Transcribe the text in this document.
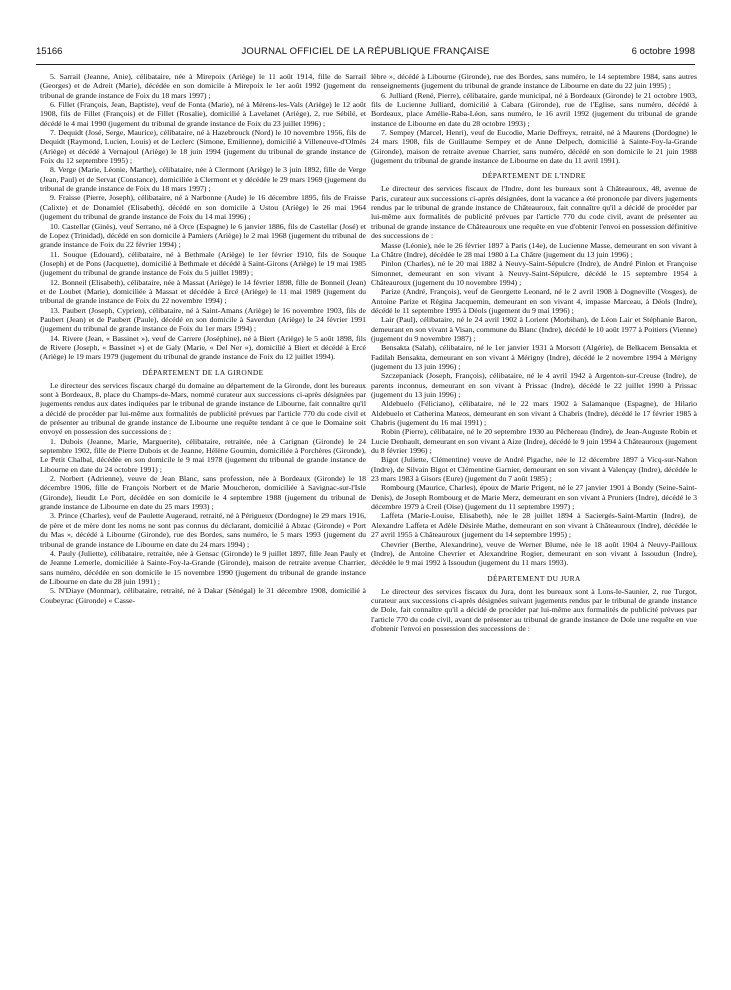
15166	JOURNAL OFFICIEL DE LA RÉPUBLIQUE FRANÇAISE	6 octobre 1998

5. Sarrail (Jeanne, Anie), célibataire, née à Mirepoix (Ariège) le 11 août 1914, fille de Sarrail (Georges) et de Adreit (Marie), décédée en son domicile à Mirepoix le 1er août 1992 (jugement du tribunal de grande instance de Foix du 18 mars 1997) ;

6. Fillet (François, Jean, Baptiste), veuf de Fonta (Marie), né à Mérens-les-Vals (Ariège) le 12 août 1908, fils de Fillet (François) et de Fillet (Rosalie), domicilié à Lavelanet (Ariège), 2, rue Sébilé, et décédé le 4 mai 1990 (jugement du tribunal de grande instance de Foix du 23 juillet 1996) ;

7. Dequidt (José, Serge, Maurice), célibataire, né à Hazebrouck (Nord) le 10 novembre 1956, fils de Dequidt (Raymond, Lucien, Louis) et de Leclerc (Simone, Emilienne), domicilié à Villeneuve-d'Olmès (Ariège) et décédé à Vernajoul (Ariège) le 18 juin 1994 (jugement du tribunal de grande instance de Foix du 12 septembre 1995) ;

8. Verge (Marie, Léonie, Marthe), célibataire, née à Clermont (Ariège) le 3 juin 1892, fille de Verge (Jean, Paul) et de Servat (Constance), domiciliée à Clermont et y décédée le 29 mars 1969 (jugement du tribunal de grande instance de Foix du 18 mars 1997) ;

9. Fraisse (Pierre, Joseph), célibataire, né à Narbonne (Aude) le 16 décembre 1895, fils de Fraisse (Calixte) et de Donamiel (Elisabeth), décédé en son domicile à Ustou (Ariège) le 26 mai 1964 (jugement du tribunal de grande instance de Foix du 14 mai 1996) ;

10. Castellar (Ginès), veuf Serrano, né à Orce (Espagne) le 6 janvier 1886, fils de Castellar (José) et de Lopez (Trinidad), décédé en son domicile à Pamiers (Ariège) le 2 mai 1968 (jugement du tribunal de grande instance de Foix du 22 février 1994) ;

11. Souque (Edouard), célibataire, né à Bethmale (Ariège) le 1er février 1910, fils de Souque (Joseph) et de Pons (Jacquette), domicilié à Bethmale et décédé à Saint-Girons (Ariège) le 19 mai 1985 (jugement du tribunal de grande instance de Foix du 5 juillet 1989) ;

12. Bonneil (Elisabeth), célibataire, née à Massat (Ariège) le 14 février 1898, fille de Bonneil (Jean) et de Loubet (Marie), domiciliée à Massat et décédée à Ercé (Ariège) le 11 mai 1989 (jugement du tribunal de grande instance de Foix du 22 novembre 1994) ;

13. Paubert (Joseph, Cyprien), célibataire, né à Saint-Amans (Ariège) le 16 novembre 1903, fils de Paubert (Jean) et de Paubert (Paule), décédé en son domicile à Saverdun (Ariège) le 24 février 1991 (jugement du tribunal de grande instance de Foix du 1er mars 1994) ;

14. Rivere (Jean, « Bassinet »), veuf de Carrere (Joséphine), né à Biert (Ariège) le 5 août 1898, fils de Rivere (Joseph, « Bassinet ») et de Galy (Marie, « Del Ner »), domicilié à Biert et décédé à Ercé (Ariège) le 19 mars 1979 (jugement du tribunal de grande instance de Foix du 12 juillet 1994).

DÉPARTEMENT DE LA GIRONDE

Le directeur des services fiscaux chargé du domaine au département de la Gironde, dont les bureaux sont à Bordeaux, 8, place du Champs-de-Mars, nommé curateur aux successions ci-après désignées par jugements rendus aux dates indiquées par le tribunal de grande instance de Libourne, fait connaître qu'il a décidé de procéder par lui-même aux formalités de publicité prévues par l'article 770 du code civil et de présenter au tribunal de grande instance de Libourne une requête tendant à ce que le Domaine soit envoyé en possession des successions de :

1. Dubois (Jeanne, Marie, Marguerite), célibataire, retraitée, née à Carignan (Gironde) le 24 septembre 1902, fille de Pierre Dubois et de Jeanne, Hélène Goumin, domiciliée à Porchères (Gironde), Le Petit Chalbal, décédée en son domicile le 9 mai 1978 (jugement du tribunal de grande instance de Libourne en date du 24 octobre 1991) ;

2. Norbert (Adrienne), veuve de Jean Blanc, sans profession, née à Bordeaux (Gironde) le 18 décembre 1906, fille de François Norbert et de Marie Moucheron, domiciliée à Savignac-sur-l'Isle (Gironde), lieudit Le Port, décédée en son domicile le 4 septembre 1988 (jugement du tribunal de grande instance de Libourne en date du 25 mars 1993) ;

3. Prince (Charles), veuf de Paulette Augeraud, retraité, né à Périgueux (Dordogne) le 29 mars 1916, de père et de mère dont les noms ne sont pas connus du déclarant, domicilié à Abzac (Gironde) « Port du Mas », décédé à Libourne (Gironde), rue des Bordes, sans numéro, le 5 mars 1993 (jugement du tribunal de grande instance de Libourne en date du 24 mars 1994) ;

4. Pauly (Juliette), célibataire, retraitée, née à Gensac (Gironde) le 9 juillet 1897, fille Jean Pauly et de Jeanne Lemerle, domiciliée à Sainte-Foy-la-Grande (Gironde), maison de retraite avenue Charrier, sans numéro, décédée en son domicile le 15 novembre 1990 (jugement du tribunal de grande instance de Libourne en date du 28 juin 1991) ;

5. N'Diaye (Monmar), célibataire, retraité, né à Dakar (Sénégal) le 31 décembre 1908, domicilié à Coubeyrac (Gironde) « Casse-

lèbre », décédé à Libourne (Gironde), rue des Bordes, sans numéro, le 14 septembre 1984, sans autres renseignements (jugement du tribunal de grande instance de Libourne en date du 22 juin 1995) ;

6. Julliard (René, Pierre), célibataire, garde municipal, né à Bordeaux (Gironde) le 21 octobre 1903, fils de Lucienne Julliard, domicilié à Cabara (Gironde), rue de l'Eglise, sans numéro, décédé à Bordeaux, place Amélie-Raba-Léon, sans numéro, le 16 avril 1992 (jugement du tribunal de grande instance de Libourne en date du 28 octobre 1993) ;

7. Sempey (Marcel, Henri), veuf de Eucodie, Marie Deffreyx, retraité, né à Maurens (Dordogne) le 24 mars 1908, fils de Guillaume Sempey et de Anne Delpech, domicilié à Sainte-Foy-la-Grande (Gironde), maison de retraite avenue Charrier, sans numéro, décédé en son domicile le 21 juin 1988 (jugement du tribunal de grande instance de Libourne en date du 11 avril 1991).

DÉPARTEMENT DE L'INDRE

Le directeur des services fiscaux de l'Indre, dont les bureaux sont à Châteauroux, 48, avenue de Paris, curateur aux successions ci-après désignées, dont la vacance a été prononcée par divers jugements rendus par le tribunal de grande instance de Châteauroux, fait connaître qu'il a décidé de procéder par lui-même aux formalités de publicité prévues par l'article 770 du code civil, avant de présenter au tribunal de grande instance de Châteauroux une requête en vue d'obtenir l'envoi en possession définitive des successions de :

Masse (Léonie), née le 26 février 1897 à Paris (14e), de Lucienne Masse, demeurant en son vivant à La Châtre (Indre), décédée le 28 mai 1980 à La Châtre (jugement du 13 juin 1996) ;

Pinlon (Charles), né le 20 mai 1882 à Neuvy-Saint-Sépulcre (Indre), de André Pinlon et Françoise Simonnet, demeurant en son vivant à Neuvy-Saint-Sépulcre, décédé le 15 septembre 1954 à Châteauroux (jugement du 10 novembre 1994) ;

Parize (André, François), veuf de Georgette Leonard, né le 2 avril 1908 à Dogneville (Vosges), de Antoine Parize et Régina Jacquemin, demeurant en son vivant 4, impasse Marceau, à Déols (Indre), décédé le 11 septembre 1995 à Déols (jugement du 9 mai 1996) ;

Lair (Paul), célibataire, né le 24 avril 1902 à Lorient (Morbihan), de Léon Lair et Stéphanie Baron, demeurant en son vivant à Visan, commune du Blanc (Indre), décédé le 10 août 1977 à Poitiers (Vienne) (jugement du 9 novembre 1987) ;

Bensakta (Salah), célibataire, né le 1er janvier 1931 à Morsott (Algérie), de Belkacem Bensakta et Fadilah Bensakta, demeurant en son vivant à Mérigny (Indre), décédé le 2 novembre 1994 à Mérigny (jugement du 13 juin 1996) ;

Szczepaniack (Joseph, François), célibataire, né le 4 avril 1942 à Argenton-sur-Creuse (Indre), de parents inconnus, demeurant en son vivant à Prissac (Indre), décédé le 22 juillet 1990 à Prissac (jugement du 13 juin 1996) ;

Aldebuelo (Féliciano), célibataire, né le 22 mars 1902 à Salamanque (Espagne), de Hilario Aldebuelo et Catherina Mateos, demeurant en son vivant à Chabris (Indre), décédé le 17 février 1985 à Chabris (jugement du 16 mai 1991) ;

Robin (Pierre), célibataire, né le 20 septembre 1930 au Pêchereau (Indre), de Jean-Auguste Robin et Lucie Denhault, demeurant en son vivant à Aize (Indre), décédé le 9 juin 1994 à Châteauroux (jugement du 8 février 1996) ;

Bigot (Juliette, Clémentine) veuve de André Pigache, née le 12 décembre 1897 à Vicq-sur-Nahon (Indre), de Silvain Bigot et Clémentine Garnier, demeurant en son vivant à Valençay (Indre), décédée le 23 mars 1983 à Gisors (Eure) (jugement du 7 août 1985) ;

Rombourg (Maurice, Charles), époux de Marie Prigent, né le 27 janvier 1901 à Bondy (Seine-Saint-Denis), de Joseph Rombourg et de Marie Merz, demeurant en son vivant à Pruniers (Indre), décédé le 3 décembre 1979 à Creil (Oise) (jugement du 11 septembre 1997) ;

Laffeta (Marie-Louise, Elisabeth), née le 28 juillet 1894 à Saciergés-Saint-Martin (Indre), de Alexandre Laffeta et Adèle Désirée Mathe, demeurant en son vivant à Châteauroux (Indre), décédée le 27 avril 1955 à Châteauroux (jugement du 14 septembre 1995) ;

Chevrier (Berthe, Alexandrine), veuve de Werner Blume, née le 18 août 1904 à Neuvy-Pailloux (Indre), de Antoine Chevrier et Alexandrine Rogier, demeurant en son vivant à Issoudun (Indre), décédée le 9 mai 1992 à Issoudun (jugement du 11 mars 1993).

DÉPARTEMENT DU JURA

Le directeur des services fiscaux du Jura, dont les bureaux sont à Lons-le-Saunier, 2, rue Turgot, curateur aux successions ci-après désignées suivant jugements rendus par le tribunal de grande instance de Dole, fait connaître qu'il a décidé de procéder par lui-même aux formalités de publicité prévues par l'article 770 du code civil, avant de présenter au tribunal de grande instance de Dole une requête en vue d'obtenir l'envoi en possession des successions de :
